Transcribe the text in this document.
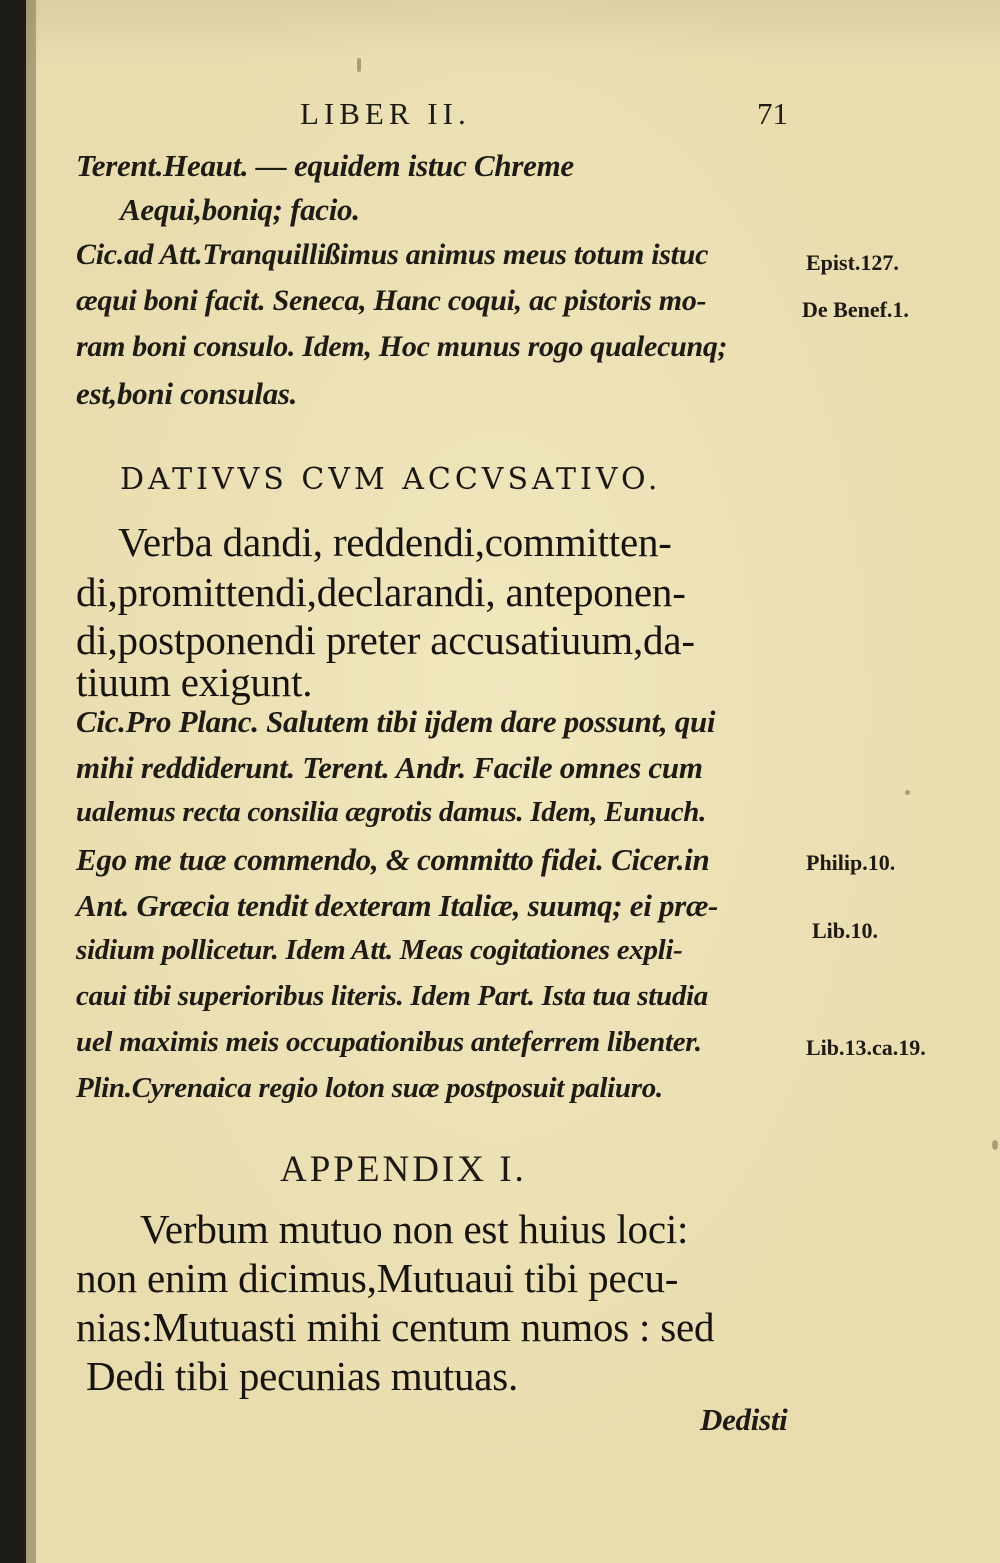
LIBER II.	71
Terent.Heaut. — equidem istuc Chreme
Aequi,boniq; facio.
Cic.ad Att.Tranquillißimus animus meus totum istuc
æqui boni facit. Seneca, Hanc coqui, ac pistoris mo-
ram boni consulo. Idem, Hoc munus rogo qualecunq;
est,boni consulas.
DATIVVS CVM ACCVSATIVO.
Verba dandi, reddendi,committen-
di,promittendi,declarandi, anteponen-
di,postponendi preter accusatiuum,da-
tiuum exigunt.
Cic.Pro Planc. Salutem tibi ijdem dare possunt, qui
mihi reddiderunt. Terent. Andr. Facile omnes cum
ualemus recta consilia ægrotis damus. Idem, Eunuch.
Ego me tuæ commendo, & committo fidei. Cicer.in
Ant. Græcia tendit dexteram Italiæ, suumq; ei præ-
sidium pollicetur. Idem Att. Meas cogitationes expli-
caui tibi superioribus literis. Idem Part. Ista tua studia
uel maximis meis occupationibus anteferrem libenter.
Plin.Cyrenaica regio loton suæ postposuit paliuro.
APPENDIX I.
Verbum mutuo non est huius loci:
non enim dicimus,Mutuaui tibi pecu-
nias:Mutuasti mihi centum numos : sed
Dedi tibi pecunias mutuas.
Dedisti
Epist.127.
De Benef.1.
Philip.10.
Lib.10.
Lib.13.ca.19.
